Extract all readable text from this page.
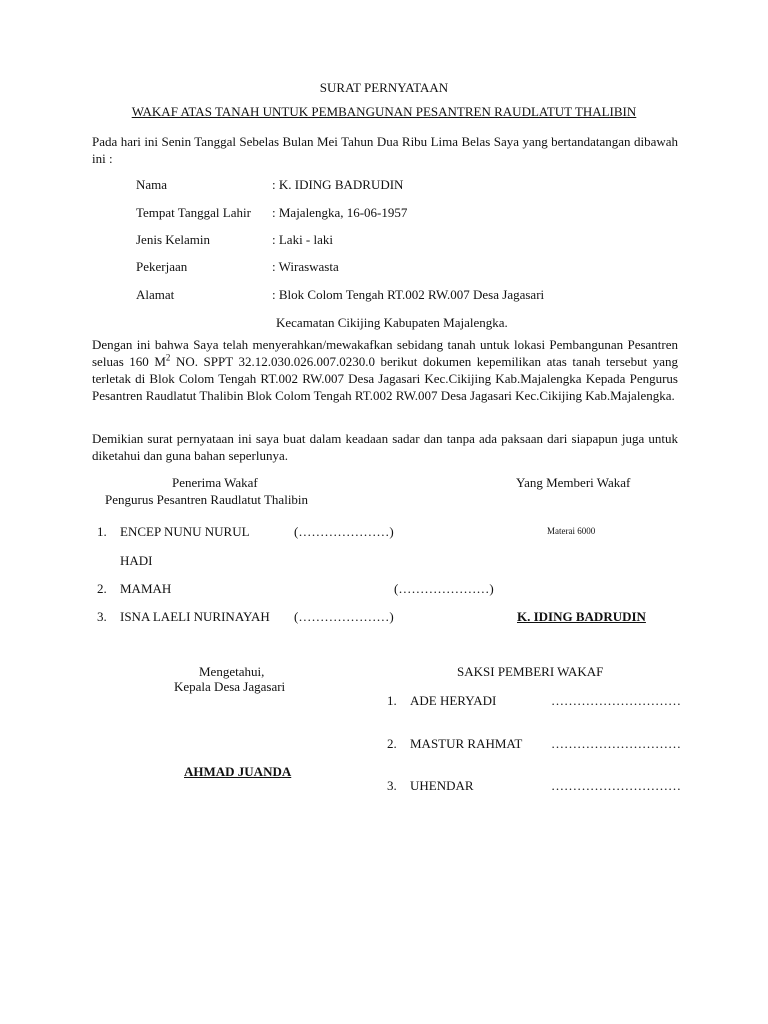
SURAT PERNYATAAN
WAKAF ATAS TANAH UNTUK PEMBANGUNAN PESANTREN RAUDLATUT THALIBIN
Pada hari ini Senin Tanggal Sebelas Bulan Mei Tahun Dua Ribu Lima Belas Saya yang bertandatangan dibawah ini :
Nama	: K. IDING BADRUDIN
Tempat Tanggal Lahir : Majalengka, 16-06-1957
Jenis Kelamin	: Laki - laki
Pekerjaan	: Wiraswasta
Alamat	: Blok Colom Tengah RT.002 RW.007 Desa Jagasari
Kecamatan Cikijing Kabupaten Majalengka.
Dengan ini bahwa Saya telah menyerahkan/mewakafkan sebidang tanah untuk lokasi Pembangunan Pesantren seluas 160 $M^2$ NO. SPPT 32.12.030.026.007.0230.0 berikut dokumen kepemilikan atas tanah tersebut yang terletak di Blok Colom Tengah RT.002 RW.007 Desa Jagasari Kec.Cikijing Kab.Majalengka Kepada Pengurus Pesantren Raudlatut Thalibin Blok Colom Tengah RT.002 RW.007 Desa Jagasari Kec.Cikijing Kab.Majalengka.
Demikian surat pernyataan ini saya buat dalam keadaan sadar dan tanpa ada paksaan dari siapapun juga untuk diketahui dan guna bahan seperlunya.
Penerima Wakaf
Pengurus Pesantren Raudlatut Thalibin
1. ENCEP NUNU NURUL	(…………………)
HADI
2. MAMAH	(…………………)
3. ISNA LAELI NURINAYAH (…………………)
Yang Memberi Wakaf
Materai 6000
K. IDING BADRUDIN
Mengetahui,
Kepala Desa Jagasari
AHMAD JUANDA
SAKSI PEMBERI WAKAF
1. ADE HERYADI	…………………………
2. MASTUR RAHMAT …………………………
3. UHENDAR	…………………………
